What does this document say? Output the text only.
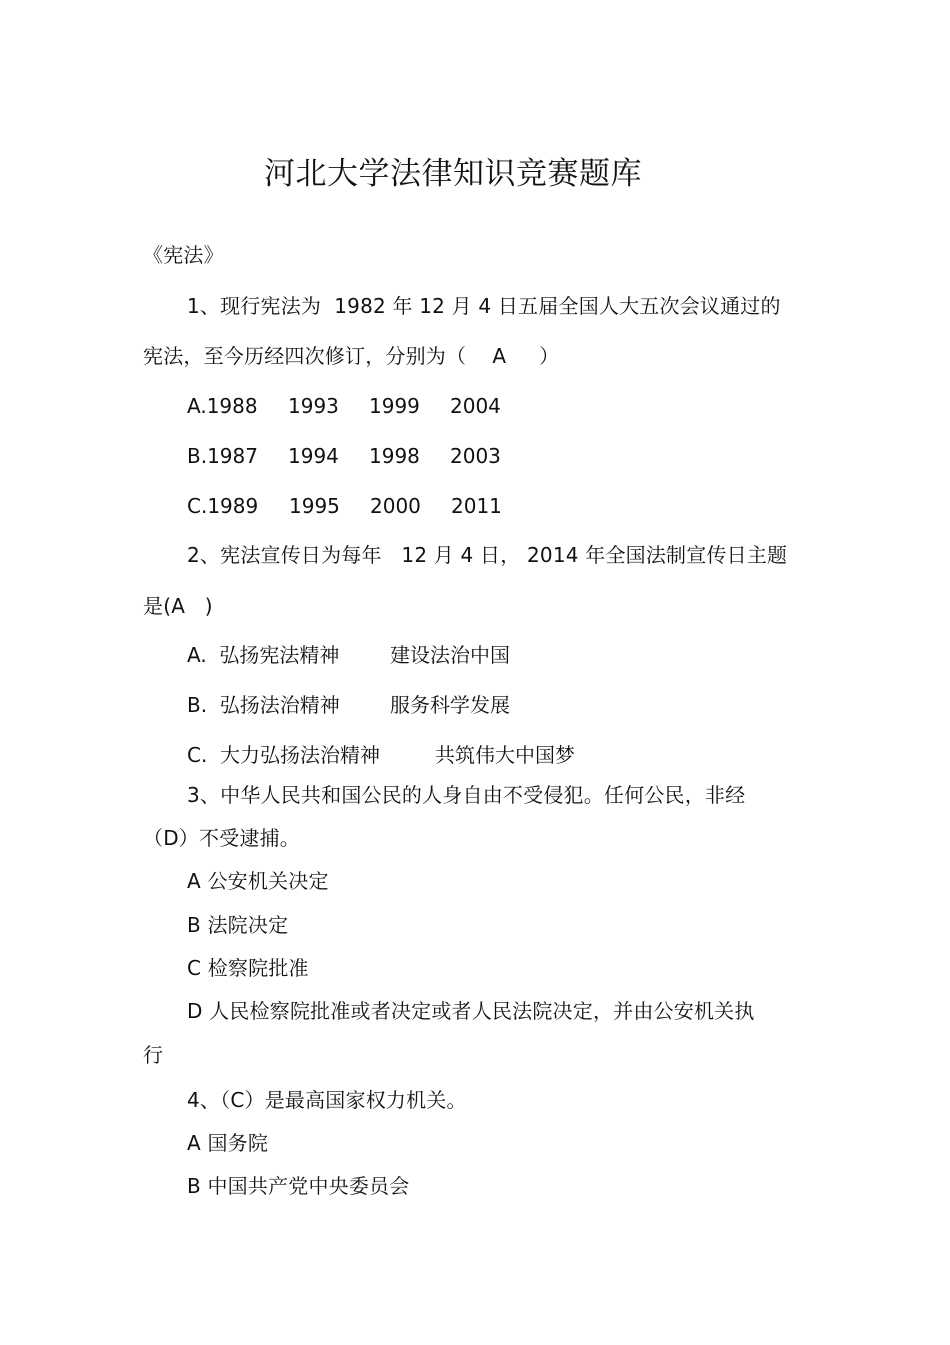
河北大学法律知识竞赛题库
《宪法》
1、现行宪法为  1982 年 12 月 4 日五届全国人大五次会议通过的
宪法，至今历经四次修订，分别为（    A     ）
A.1988 1993 1999 2004
B.1987 1994 1998 2003
C.1989 1995 2000 2011
2、宪法宣传日为每年   12 月 4 日， 2014 年全国法制宣传日主题
是(A   )
A.  弘扬宪法精神	建设法治中国
B.  弘扬法治精神	服务科学发展
C.  大力弘扬法治精神	共筑伟大中国梦
3、中华人民共和国公民的人身自由不受侵犯。任何公民，非经
（D）不受逮捕。
A 公安机关决定
B 法院决定
C 检察院批准
D 人民检察院批准或者决定或者人民法院决定，并由公安机关执
行
4、（C）是最高国家权力机关。
A 国务院
B 中国共产党中央委员会
